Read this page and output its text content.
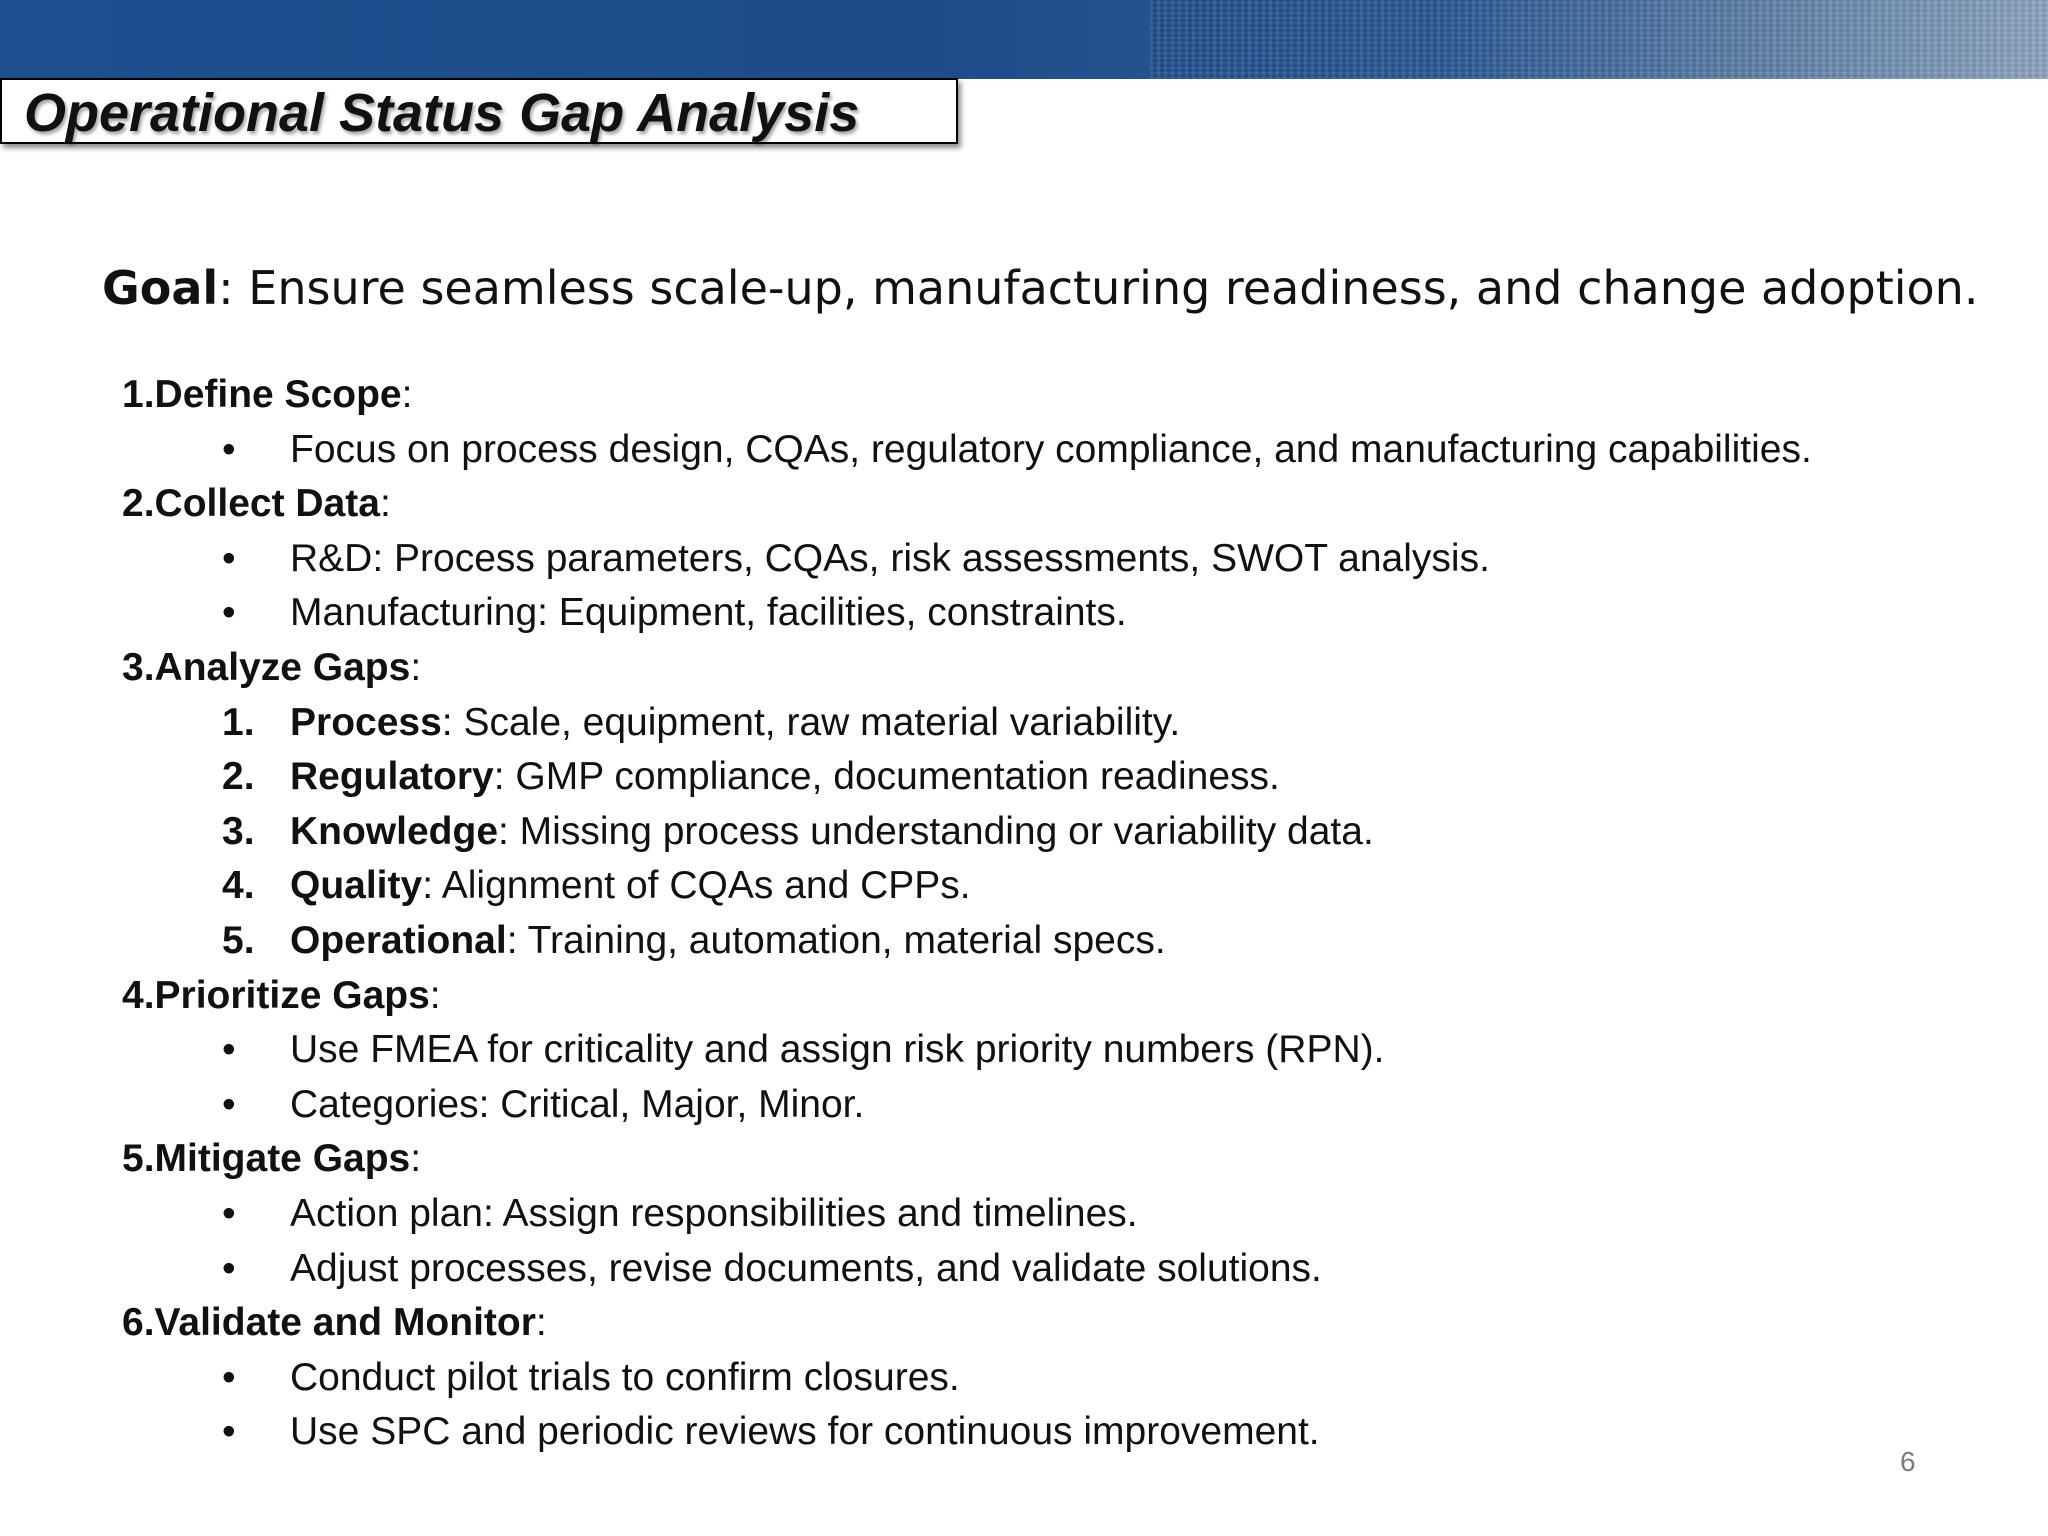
Operational Status Gap Analysis
Goal: Ensure seamless scale-up, manufacturing readiness, and change adoption.
1.Define Scope:
•	Focus on process design, CQAs, regulatory compliance, and manufacturing capabilities.
2.Collect Data:
•	R&D: Process parameters, CQAs, risk assessments, SWOT analysis.
•	Manufacturing: Equipment, facilities, constraints.
3.Analyze Gaps:
1. Process: Scale, equipment, raw material variability.
2. Regulatory: GMP compliance, documentation readiness.
3. Knowledge: Missing process understanding or variability data.
4. Quality: Alignment of CQAs and CPPs.
5. Operational: Training, automation, material specs.
4.Prioritize Gaps:
•	Use FMEA for criticality and assign risk priority numbers (RPN).
•	Categories: Critical, Major, Minor.
5.Mitigate Gaps:
•	Action plan: Assign responsibilities and timelines.
•	Adjust processes, revise documents, and validate solutions.
6.Validate and Monitor:
•	Conduct pilot trials to confirm closures.
•	Use SPC and periodic reviews for continuous improvement.
6
